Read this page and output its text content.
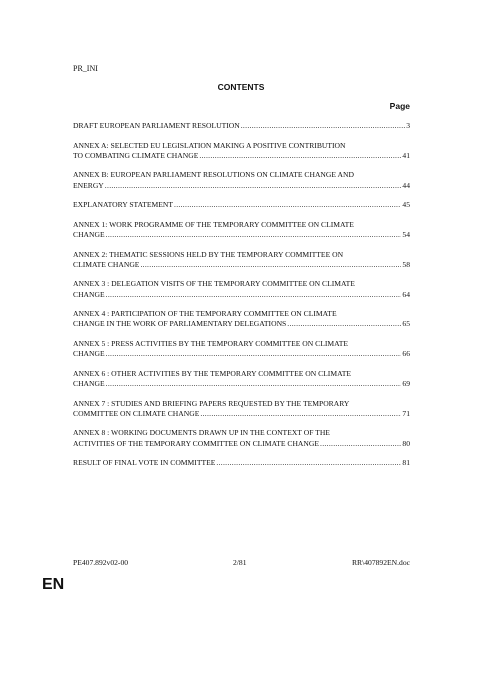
PR_INI
CONTENTS
Page
DRAFT EUROPEAN PARLIAMENT RESOLUTION .....	3
ANNEX A: SELECTED EU LEGISLATION MAKING A POSITIVE CONTRIBUTION
TO COMBATING CLIMATE CHANGE .....	41
ANNEX B: EUROPEAN PARLIAMENT RESOLUTIONS ON CLIMATE CHANGE AND
ENERGY .....	44
EXPLANATORY STATEMENT .....	45
ANNEX 1: WORK PROGRAMME OF THE TEMPORARY COMMITTEE ON CLIMATE
CHANGE .....	54
ANNEX 2: THEMATIC SESSIONS HELD BY THE TEMPORARY COMMITTEE ON
CLIMATE CHANGE .....	58
ANNEX 3 : DELEGATION VISITS OF THE TEMPORARY COMMITTEE ON CLIMATE
CHANGE .....	64
ANNEX 4 : PARTICIPATION OF THE TEMPORARY COMMITTEE ON CLIMATE
CHANGE IN THE WORK OF PARLIAMENTARY DELEGATIONS .....	65
ANNEX 5 : PRESS ACTIVITIES BY THE TEMPORARY COMMITTEE ON CLIMATE
CHANGE .....	66
ANNEX 6 : OTHER ACTIVITIES BY THE TEMPORARY COMMITTEE ON CLIMATE
CHANGE .....	69
ANNEX 7 : STUDIES AND BRIEFING PAPERS REQUESTED BY THE TEMPORARY
COMMITTEE ON CLIMATE CHANGE .....	71
ANNEX 8 : WORKING DOCUMENTS DRAWN UP IN THE CONTEXT OF THE
ACTIVITIES OF THE TEMPORARY COMMITTEE ON CLIMATE CHANGE .....	80
RESULT OF FINAL VOTE IN COMMITTEE .....	81
PE407.892v02-00	2/81	RR\407892EN.doc
EN
